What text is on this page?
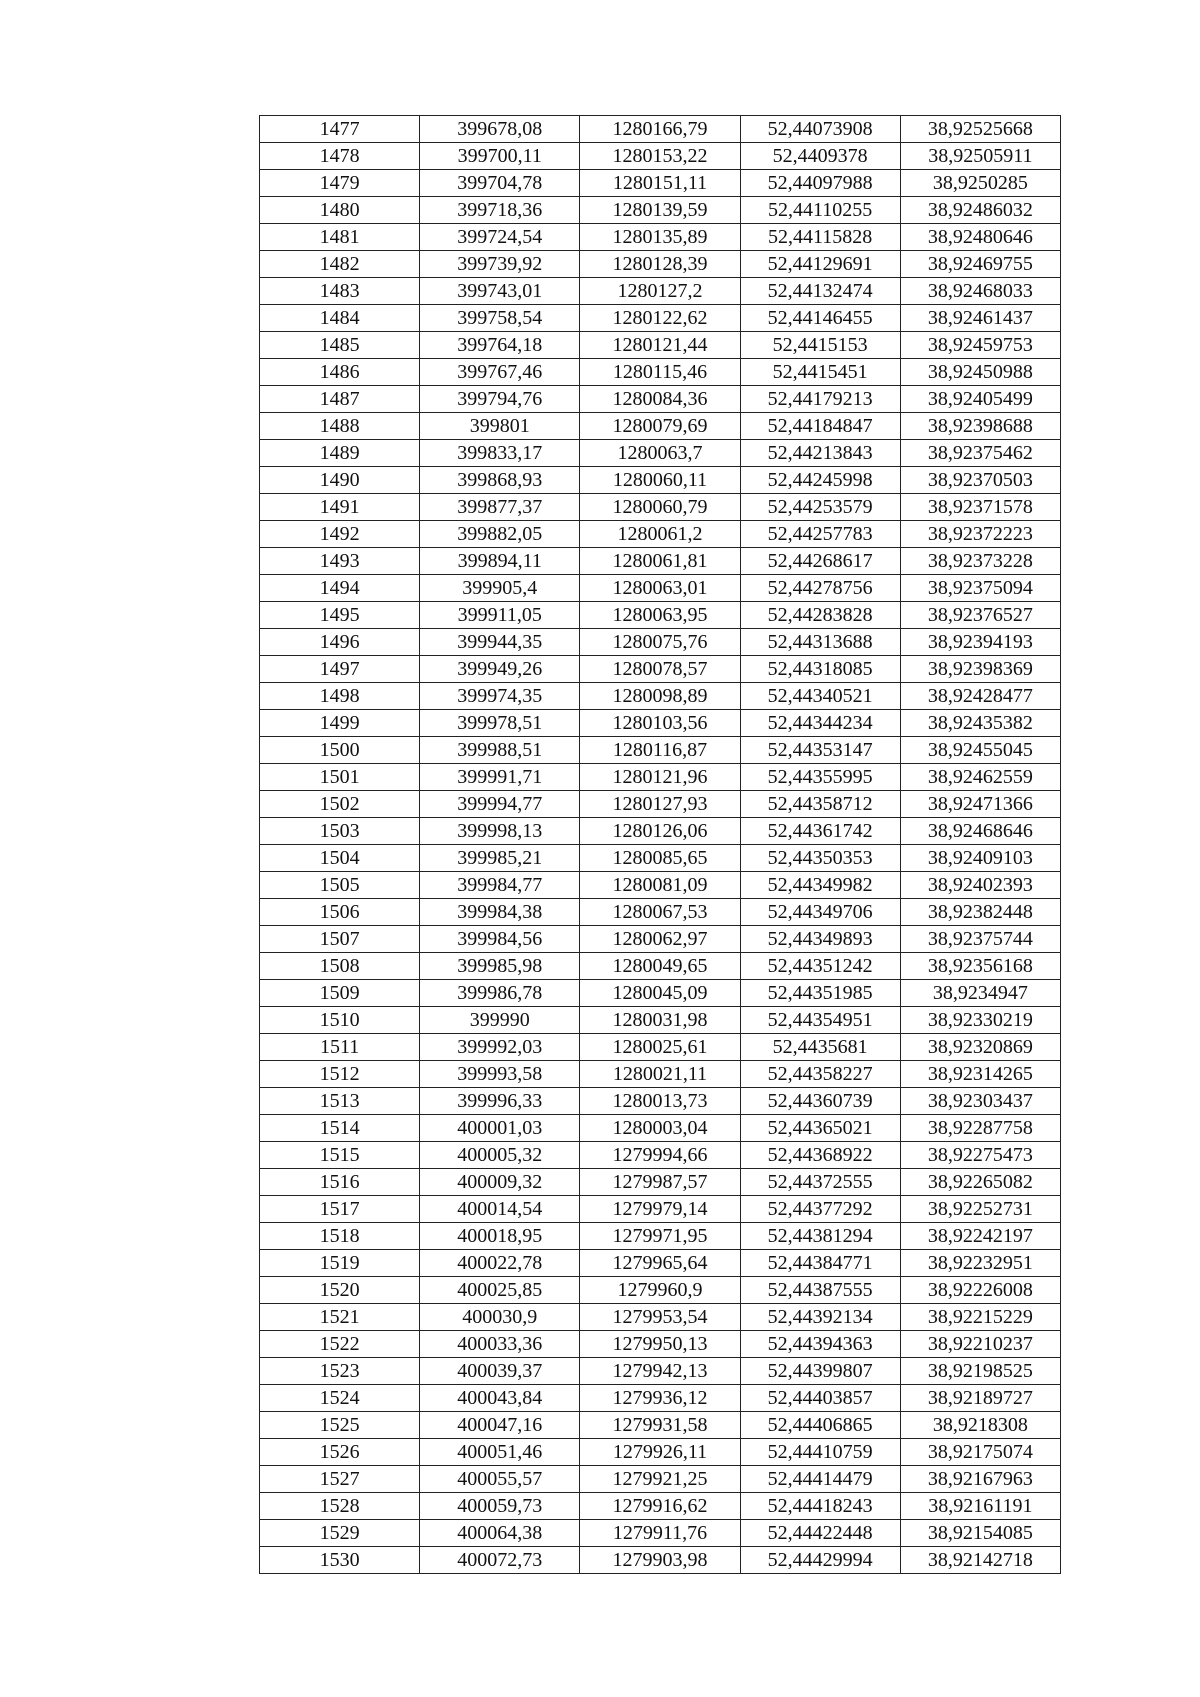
1477	399678,08	1280166,79	52,44073908	38,92525668
1478	399700,11	1280153,22	52,4409378	38,92505911
1479	399704,78	1280151,11	52,44097988	38,9250285
1480	399718,36	1280139,59	52,44110255	38,92486032
1481	399724,54	1280135,89	52,44115828	38,92480646
1482	399739,92	1280128,39	52,44129691	38,92469755
1483	399743,01	1280127,2	52,44132474	38,92468033
1484	399758,54	1280122,62	52,44146455	38,92461437
1485	399764,18	1280121,44	52,4415153	38,92459753
1486	399767,46	1280115,46	52,4415451	38,92450988
1487	399794,76	1280084,36	52,44179213	38,92405499
1488	399801	1280079,69	52,44184847	38,92398688
1489	399833,17	1280063,7	52,44213843	38,92375462
1490	399868,93	1280060,11	52,44245998	38,92370503
1491	399877,37	1280060,79	52,44253579	38,92371578
1492	399882,05	1280061,2	52,44257783	38,92372223
1493	399894,11	1280061,81	52,44268617	38,92373228
1494	399905,4	1280063,01	52,44278756	38,92375094
1495	399911,05	1280063,95	52,44283828	38,92376527
1496	399944,35	1280075,76	52,44313688	38,92394193
1497	399949,26	1280078,57	52,44318085	38,92398369
1498	399974,35	1280098,89	52,44340521	38,92428477
1499	399978,51	1280103,56	52,44344234	38,92435382
1500	399988,51	1280116,87	52,44353147	38,92455045
1501	399991,71	1280121,96	52,44355995	38,92462559
1502	399994,77	1280127,93	52,44358712	38,92471366
1503	399998,13	1280126,06	52,44361742	38,92468646
1504	399985,21	1280085,65	52,44350353	38,92409103
1505	399984,77	1280081,09	52,44349982	38,92402393
1506	399984,38	1280067,53	52,44349706	38,92382448
1507	399984,56	1280062,97	52,44349893	38,92375744
1508	399985,98	1280049,65	52,44351242	38,92356168
1509	399986,78	1280045,09	52,44351985	38,9234947
1510	399990	1280031,98	52,44354951	38,92330219
1511	399992,03	1280025,61	52,4435681	38,92320869
1512	399993,58	1280021,11	52,44358227	38,92314265
1513	399996,33	1280013,73	52,44360739	38,92303437
1514	400001,03	1280003,04	52,44365021	38,92287758
1515	400005,32	1279994,66	52,44368922	38,92275473
1516	400009,32	1279987,57	52,44372555	38,92265082
1517	400014,54	1279979,14	52,44377292	38,92252731
1518	400018,95	1279971,95	52,44381294	38,92242197
1519	400022,78	1279965,64	52,44384771	38,92232951
1520	400025,85	1279960,9	52,44387555	38,92226008
1521	400030,9	1279953,54	52,44392134	38,92215229
1522	400033,36	1279950,13	52,44394363	38,92210237
1523	400039,37	1279942,13	52,44399807	38,92198525
1524	400043,84	1279936,12	52,44403857	38,92189727
1525	400047,16	1279931,58	52,44406865	38,9218308
1526	400051,46	1279926,11	52,44410759	38,92175074
1527	400055,57	1279921,25	52,44414479	38,92167963
1528	400059,73	1279916,62	52,44418243	38,92161191
1529	400064,38	1279911,76	52,44422448	38,92154085
1530	400072,73	1279903,98	52,44429994	38,92142718
